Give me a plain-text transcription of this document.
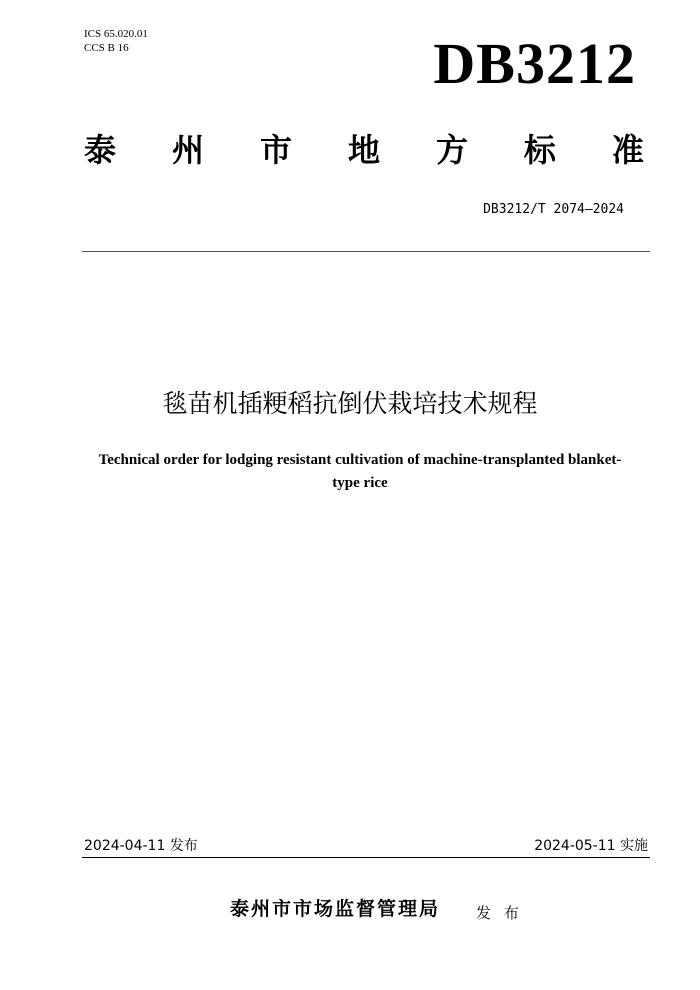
ICS 65.020.01
CCS B 16	DB3212
泰 州 市 地 方 标 准
DB3212/T 2074—2024
毯苗机插粳稻抗倒伏栽培技术规程
Technical order for lodging resistant cultivation of machine-transplanted blanket-type rice
2024-04-11 发布	2024-05-11 实施
泰州市市场监督管理局 发 布
